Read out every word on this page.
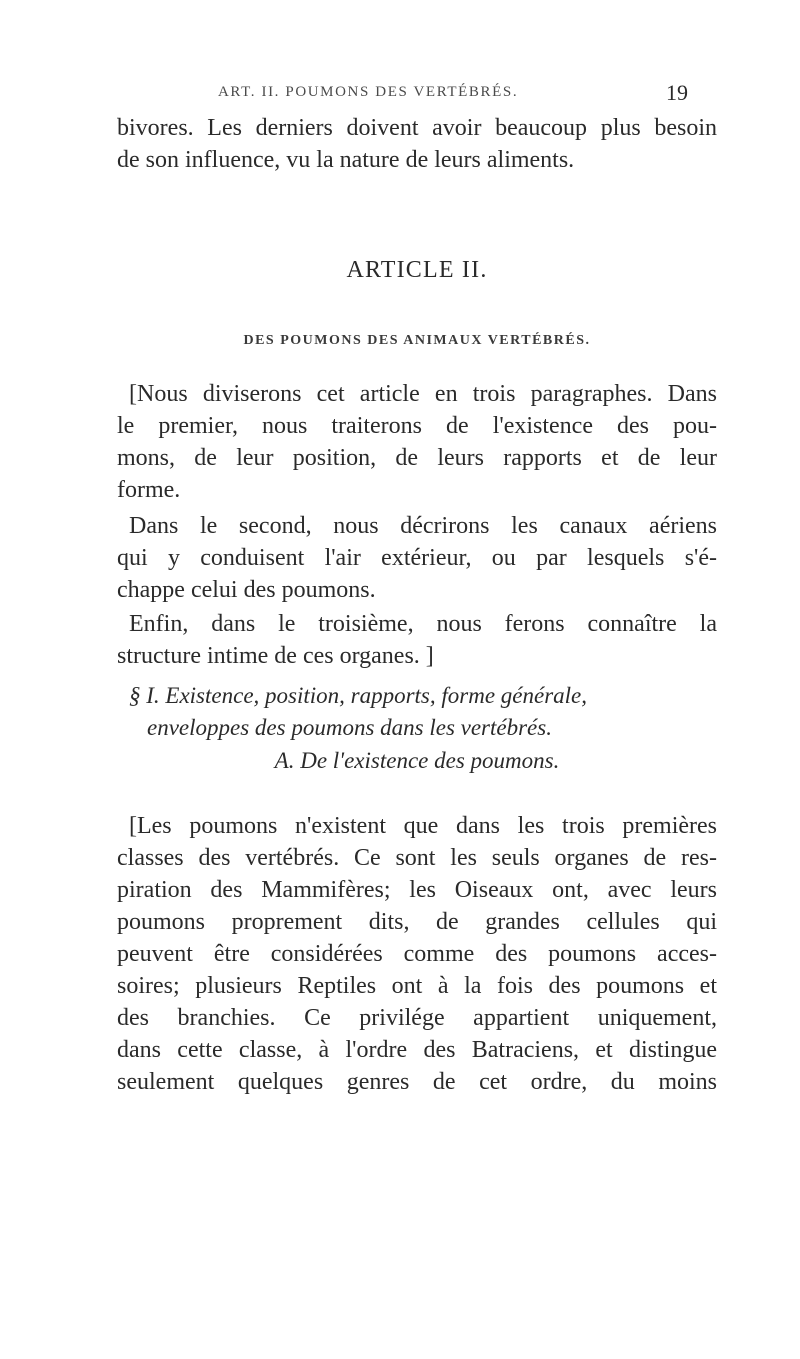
ART. II. POUMONS DES VERTÉBRÉS.	19
bivores. Les derniers doivent avoir beaucoup plus besoin
de son influence, vu la nature de leurs aliments.
ARTICLE II.
DES POUMONS DES ANIMAUX VERTÉBRÉS.
[Nous diviserons cet article en trois paragraphes. Dans
le premier, nous traiterons de l'existence des pou-
mons, de leur position, de leurs rapports et de leur
forme.
Dans le second, nous décrirons les canaux aériens
qui y conduisent l'air extérieur, ou par lesquels s'é-
chappe celui des poumons.
Enfin, dans le troisième, nous ferons connaître la
structure intime de ces organes. ]
§ I. Existence, position, rapports, forme générale,
enveloppes des poumons dans les vertébrés.
A. De l'existence des poumons.
[Les poumons n'existent que dans les trois premières
classes des vertébrés. Ce sont les seuls organes de res-
piration des Mammifères; les Oiseaux ont, avec leurs
poumons proprement dits, de grandes cellules qui
peuvent être considérées comme des poumons acces-
soires; plusieurs Reptiles ont à la fois des poumons et
des branchies. Ce privilége appartient uniquement,
dans cette classe, à l'ordre des Batraciens, et distingue
seulement quelques genres de cet ordre, du moins
